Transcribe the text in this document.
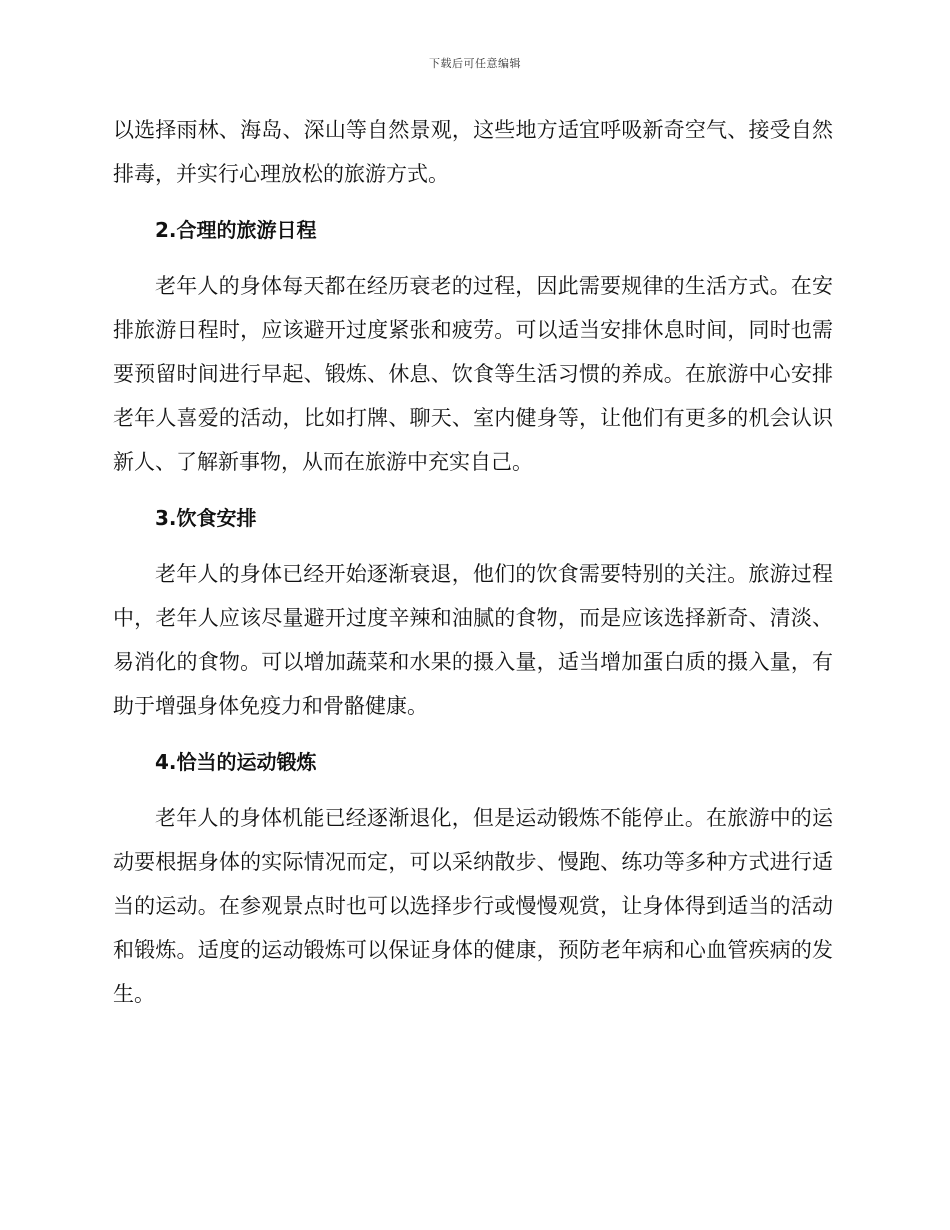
下载后可任意编辑

以选择雨林、海岛、深山等自然景观，这些地方适宜呼吸新奇空气、接受自然排毒，并实行心理放松的旅游方式。

2.合理的旅游日程

老年人的身体每天都在经历衰老的过程，因此需要规律的生活方式。在安排旅游日程时，应该避开过度紧张和疲劳。可以适当安排休息时间，同时也需要预留时间进行早起、锻炼、休息、饮食等生活习惯的养成。在旅游中心安排老年人喜爱的活动，比如打牌、聊天、室内健身等，让他们有更多的机会认识新人、了解新事物，从而在旅游中充实自己。

3.饮食安排

老年人的身体已经开始逐渐衰退，他们的饮食需要特别的关注。旅游过程中，老年人应该尽量避开过度辛辣和油腻的食物，而是应该选择新奇、清淡、易消化的食物。可以增加蔬菜和水果的摄入量，适当增加蛋白质的摄入量，有助于增强身体免疫力和骨骼健康。

4.恰当的运动锻炼

老年人的身体机能已经逐渐退化，但是运动锻炼不能停止。在旅游中的运动要根据身体的实际情况而定，可以采纳散步、慢跑、练功等多种方式进行适当的运动。在参观景点时也可以选择步行或慢慢观赏，让身体得到适当的活动和锻炼。适度的运动锻炼可以保证身体的健康，预防老年病和心血管疾病的发生。
